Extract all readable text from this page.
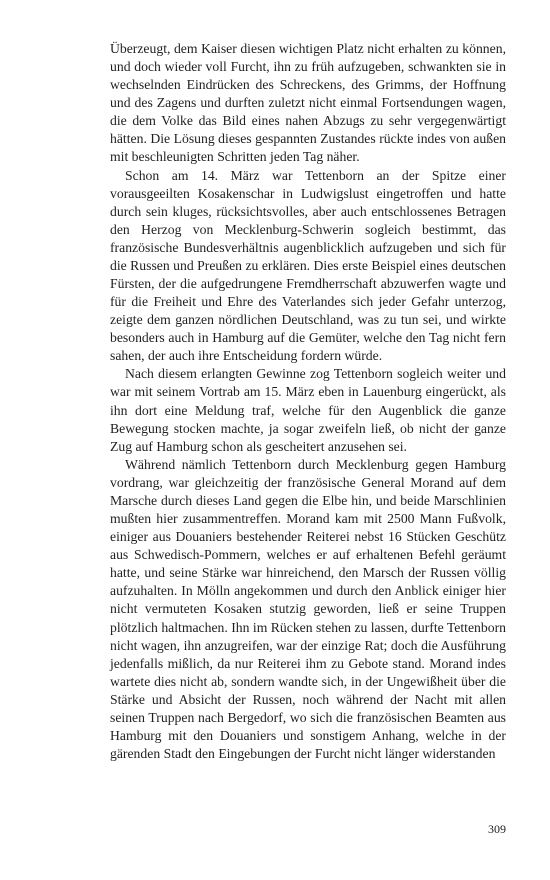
Überzeugt, dem Kaiser diesen wichtigen Platz nicht erhalten zu können, und doch wieder voll Furcht, ihn zu früh aufzugeben, schwankten sie in wechselnden Eindrücken des Schreckens, des Grimms, der Hoffnung und des Zagens und durften zuletzt nicht einmal Fortsendungen wagen, die dem Volke das Bild eines nahen Abzugs zu sehr vergegenwärtigt hätten. Die Lösung dieses gespannten Zustandes rückte indes von außen mit beschleunigten Schritten jeden Tag näher.

Schon am 14. März war Tettenborn an der Spitze einer vorausgeeilten Kosakenschar in Ludwigslust eingetroffen und hatte durch sein kluges, rücksichtsvolles, aber auch entschlossenes Betragen den Herzog von Mecklenburg-Schwerin sogleich bestimmt, das französische Bundesverhältnis augenblicklich aufzugeben und sich für die Russen und Preußen zu erklären. Dies erste Beispiel eines deutschen Fürsten, der die aufgedrungene Fremdherrschaft abzuwerfen wagte und für die Freiheit und Ehre des Vaterlandes sich jeder Gefahr unterzog, zeigte dem ganzen nördlichen Deutschland, was zu tun sei, und wirkte besonders auch in Hamburg auf die Gemüter, welche den Tag nicht fern sahen, der auch ihre Entscheidung fordern würde.

Nach diesem erlangten Gewinne zog Tettenborn sogleich weiter und war mit seinem Vortrab am 15. März eben in Lauenburg eingerückt, als ihn dort eine Meldung traf, welche für den Augenblick die ganze Bewegung stocken machte, ja sogar zweifeln ließ, ob nicht der ganze Zug auf Hamburg schon als gescheitert anzusehen sei.

Während nämlich Tettenborn durch Mecklenburg gegen Hamburg vordrang, war gleichzeitig der französische General Morand auf dem Marsche durch dieses Land gegen die Elbe hin, und beide Marschlinien mußten hier zusammentreffen. Morand kam mit 2500 Mann Fußvolk, einiger aus Douaniers bestehender Reiterei nebst 16 Stücken Geschütz aus Schwedisch-Pommern, welches er auf erhaltenen Befehl geräumt hatte, und seine Stärke war hinreichend, den Marsch der Russen völlig aufzuhalten. In Mölln angekommen und durch den Anblick einiger hier nicht vermuteten Kosaken stutzig geworden, ließ er seine Truppen plötzlich haltmachen. Ihn im Rücken stehen zu lassen, durfte Tettenborn nicht wagen, ihn anzugreifen, war der einzige Rat; doch die Ausführung jedenfalls mißlich, da nur Reiterei ihm zu Gebote stand. Morand indes wartete dies nicht ab, sondern wandte sich, in der Ungewißheit über die Stärke und Absicht der Russen, noch während der Nacht mit allen seinen Truppen nach Bergedorf, wo sich die französischen Beamten aus Hamburg mit den Douaniers und sonstigem Anhang, welche in der gärenden Stadt den Eingebungen der Furcht nicht länger widerstanden

309
